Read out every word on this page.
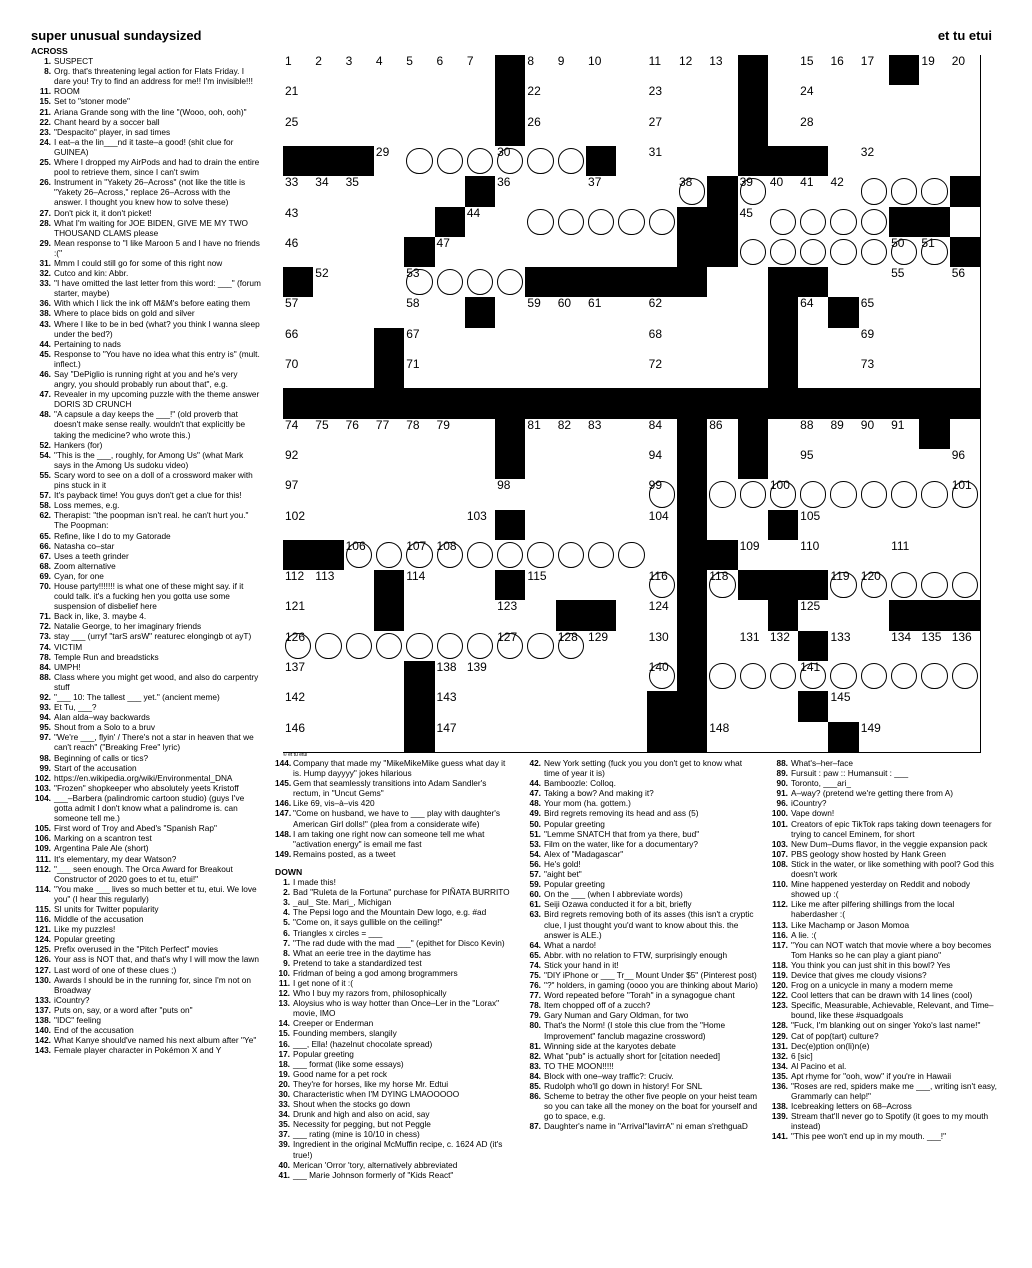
super unusual sundaysized	et tu etui
ACROSS
1. SUSPECT
8. Org. that's threatening legal action for Flats Friday. I dare you! Try to find an address for me!! I'm invisible!!!
11. ROOM
15. Set to "stoner mode"
21. Ariana Grande song with the line "(Wooo, ooh, ooh)"
22. Chant heard by a soccer ball
23. "Despacito" player, in sad times
24. I eat–a the lin___nd it taste–a good! (shit clue for GUINEA)
25. Where I dropped my AirPods and had to drain the entire pool to retrieve them, since I can't swim
26. Instrument in "Yakety 26–Across" (not like the title is "Yakety 26–Across," replace 26–Across with the answer. I thought you knew how to solve these)
27. Don't pick it, it don't picket!
28. What I'm waiting for JOE BIDEN, GIVE ME MY TWO THOUSAND CLAMS please
29. Mean response to "I like Maroon 5 and I have no friends :("
31. Mmm I could still go for some of this right now
32. Cutco and kin: Abbr.
33. "I have omitted the last letter from this word: ___" (forum starter, maybe)
36. With which I lick the ink off M&M's before eating them
38. Where to place bids on gold and silver
43. Where I like to be in bed (what? you think I wanna sleep under the bed?)
44. Pertaining to nads
45. Response to "You have no idea what this entry is" (mult. inflect.)
46. Say "DePiglio is running right at you and he's very angry, you should probably run about that", e.g.
47. Revealer in my upcoming puzzle with the theme answer DORIS 3D CRUNCH
48. "A capsule a day keeps the ___!" (old proverb that doesn't make sense really. wouldn't that explicitly be taking the medicine? who wrote this.)
52. Hankers (for)
54. "This is the ___, roughly, for Among Us" (what Mark says in the Among Us sudoku video)
55. Scary word to see on a doll of a crossword maker with pins stuck in it
57. It's payback time! You guys don't get a clue for this!
58. Loss memes, e.g.
62. Therapist: "the poopman isn't real. he can't hurt you." The Poopman:
65. Refine, like I do to my Gatorade
66. Natasha co–star
67. Uses a teeth grinder
68. Zoom alternative
69. Cyan, for one
70. House party!!!!!!! is what one of these might say. if it could talk. it's a fucking hen you gotta use some suspension of disbelief here
71. Back in, like, 3. maybe 4.
72. Natalie George, to her imaginary friends
73. stay ___ (urryf "tarS arsW" reaturec elongingb ot ayT)
74. VICTIM
78. Temple Run and breadsticks
84. UMPH!
88. Class where you might get wood, and also do carpentry stuff
92. "___ 10: The tallest ___ yet." (ancient meme)
93. Et Tu, ___?
94. Alan alda–way backwards
95. Shout from a Solo to a bruv
97. "We're ___, flyin' / There's not a star in heaven that we can't reach" ("Breaking Free" lyric)
98. Beginning of calls or tics?
99. Start of the accusation
102. https://en.wikipedia.org/wiki/Environmental_DNA
103. "Frozen" shopkeeper who absolutely yeets Kristoff
104. ___–Barbera (palindromic cartoon studio) (guys I've gotta admit I don't know what a palindrome is. can someone tell me.)
105. First word of Troy and Abed's "Spanish Rap"
106. Marking on a scantron test
109. Argentina Pale Ale (short)
111. It's elementary, my dear Watson?
112. "___ seen enough. The Orca Award for Breakout Constructor of 2020 goes to et tu, etui!"
114. "You make ___ lives so much better et tu, etui. We love you" (I hear this regularly)
115. SI units for Twitter popularity
116. Middle of the accusation
121. Like my puzzles!
124. Popular greeting
125. Prefix overused in the "Pitch Perfect" movies
126. Your ass is NOT that, and that's why I will mow the lawn
127. Last word of one of these clues ;)
130. Awards I should be in the running for, since I'm not on Broadway
133. iCountry?
137. Puts on, say, or a word after "puts on"
138. "IDC" feeling
140. End of the accusation
142. What Kanye should've named his next album after "Ye"
143. Female player character in Pokémon X and Y
144. Company that made my "MikeMikeMike guess what day it is. Hump dayyyy" jokes hilarious
145. Gem that seamlessly transitions into Adam Sandler's rectum, in "Uncut Gems"
146. Like 69, vis–à–vis 420
147. "Come on husband, we have to ___ play with daughter's American Girl dolls!" (plea from a considerate wife)
148. I am taking one right now can someone tell me what "activation energy" is email me fast
149. Remains posted, as a tweet
DOWN
1. I made this!
2. Bad "Ruleta de la Fortuna" purchase for PIÑATA BURRITO
3. _aul_ Ste. Mari_, Michigan
4. The Pepsi logo and the Mountain Dew logo, e.g. #ad
5. "Come on, it says gullible on the ceiling!"
6. Triangles x circles = ___
7. "The rad dude with the mad ___" (epithet for Disco Kevin)
8. What an eerie tree in the daytime has
9. Pretend to take a standardized test
10. Fridman of being a god among brogrammers
11. I get none of it :(
12. Who I buy my razors from, philosophically
13. Aloysius who is way hotter than Once–Ler in the "Lorax" movie, IMO
14. Creeper or Enderman
15. Founding members, slangily
16. ___, Ella! (hazelnut chocolate spread)
17. Popular greeting
18. ___ format (like some essays)
19. Good name for a pet rock
20. They're for horses, like my horse Mr. Edtui
30. Characteristic when I'M DYING LMAOOOOO
33. Shout when the stocks go down
34. Drunk and high and also on acid, say
35. Necessity for pegging, but not Peggle
37. ___ rating (mine is 10/10 in chess)
39. Ingredient in the original McMuffin recipe, c. 1624 AD (it's true!)
40. Merican 'Orror 'tory, alternatively abbreviated
41. ___ Marie Johnson formerly of "Kids React"
42. New York setting (fuck you you don't get to know what time of year it is)
44. Bamboozle: Colloq.
47. Taking a bow? And making it?
48. Your mom (ha. gottem.)
49. Bird regrets removing its head and ass (5)
50. Popular greeting
51. "Lemme SNATCH that from ya there, bud"
53. Film on the water, like for a documentary?
54. Alex of "Madagascar"
56. He's gold!
57. "aight bet"
59. Popular greeting
60. On the ___ (when I abbreviate words)
61. Seiji Ozawa conducted it for a bit, briefly
63. Bird regrets removing both of its asses (this isn't a cryptic clue, I just thought you'd want to know about this. the answer is ALE.)
64. What a nardo!
65. Abbr. with no relation to FTW, surprisingly enough
74. Stick your hand in it!
75. "DIY iPhone or ___ Tr__ Mount Under $5" (Pinterest post)
76. "?" holders, in gaming (oooo you are thinking about Mario)
77. Word repeated before "Torah" in a synagogue chant
78. Item chopped off of a zucch?
79. Gary Numan and Gary Oldman, for two
80. That's the Norm! (I stole this clue from the "Home Improvement" fanclub magazine crossword)
81. Winning side at the karyotes debate
82. What "pub" is actually short for [citation needed]
83. TO THE MOON!!!!!
84. Block with one–way traffic?: Cruciv.
85. Rudolph who'll go down in history! For SNL
86. Scheme to betray the other five people on your heist team so you can take all the money on the boat for yourself and go to space, e.g.
87. Daughter's name in "Arrival"lavirrA" ni eman s'rethguaD
88. What's–her–face
89. Fursuit : paw :: Humansuit : ___
90. Toronto, ___ari_
91. A–way? (pretend we're getting there from A)
96. iCountry?
100. Vape down!
101. Creators of epic TikTok raps taking down teenagers for trying to cancel Eminem, for short
103. New Dum–Dums flavor, in the veggie expansion pack
107. PBS geology show hosted by Hank Green
108. Stick in the water, or like something with pool? God this doesn't work
110. Mine happened yesterday on Reddit and nobody showed up :(
112. Like me after pilfering shillings from the local haberdasher :(
113. Like Machamp or Jason Momoa
116. A lie. :(
117. "You can NOT watch that movie where a boy becomes Tom Hanks so he can play a giant piano"
118. You think you can just shit in this bowl? Yes
119. Device that gives me cloudy visions?
120. Frog on a unicycle in many a modern meme
122. Cool letters that can be drawn with 14 lines (cool)
123. Specific, Measurable, Achievable, Relevant, and Time–bound, like these #squadgoals
128. "Fuck, I'm blanking out on singer Yoko's last name!"
129. Cat of pop(tart) culture?
131. Dec(e)ption on(li)n(e)
132. 6 [sic]
134. Al Pacino et al.
135. Apt rhyme for "ooh, wow" if you're in Hawaii
136. "Roses are red, spiders make me ___, writing isn't easy, Grammarly can help!"
138. Icebreaking letters on 68–Across
139. Stream that'll never go to Spotify (it goes to my mouth instead)
141. "This pee won't end up in my mouth. ___!"
1 2 3 4 5 6 7	8 9 10	11 12 13	15 16 17	19 20
21	22	23	24
25	26	27	28
29	30	31	32
33 34 35	36	37	38	39 40 41 42
43	44	45
46	47	50 51
52	53	55	56
57	58	59 60 61	62	64	65
66	67	68	69
70	71	72	73
74 75 76 77 78 79	81 82 83	84	86	88 89 90 91
92	94	95	96
97	98	99	100	101
102	103	104	105
106	107 108	109	110	111
112 113	114	115	116	118	119 120
121	123	124	125
126	127	128 129	130	131 132	133	134 135 136
137	138 139	140	141
142	143	145
146	147	148	149
© et tu etui
